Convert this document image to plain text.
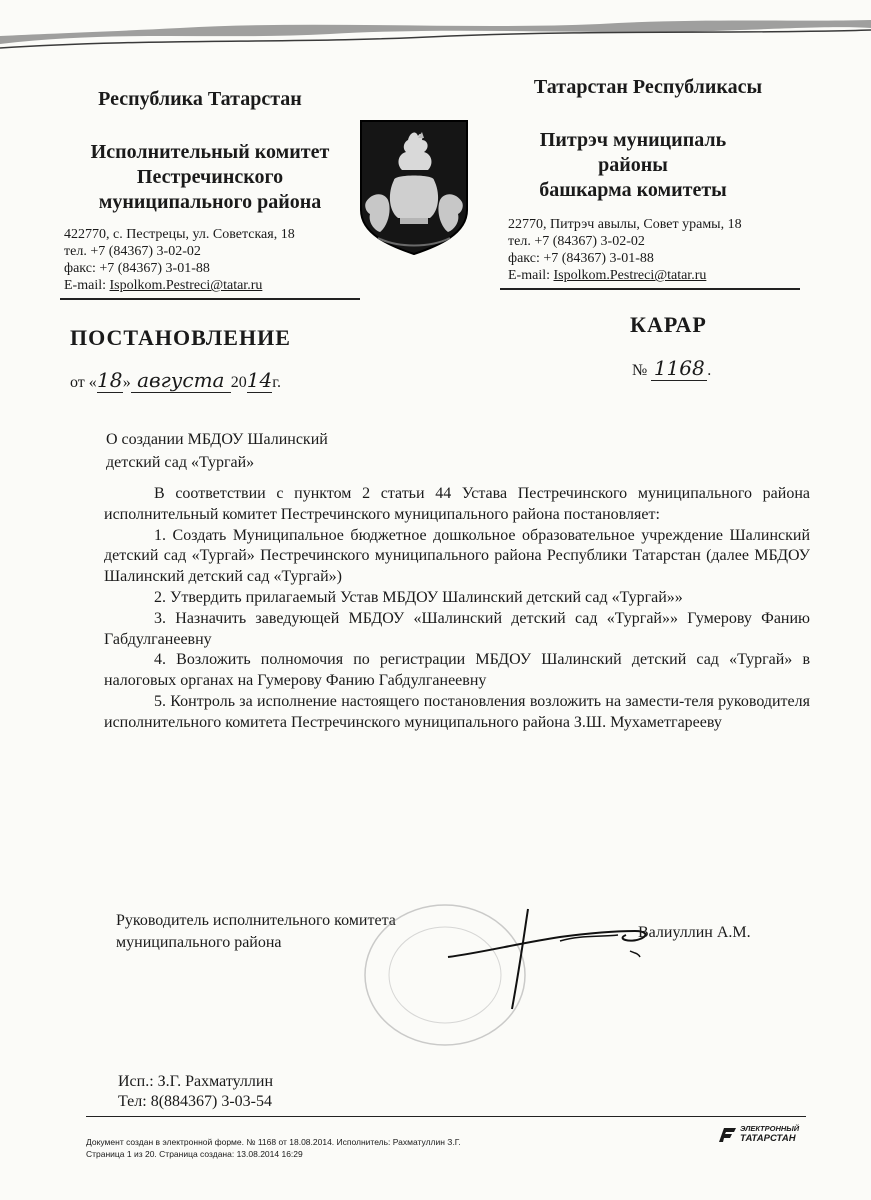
Республика Татарстан
Исполнительный комитет
Пестречинского
муниципального района
422770, с. Пестрецы, ул. Советская, 18
тел. +7 (84367) 3-02-02
факс: +7 (84367) 3-01-88
E-mail: Ispolkom.Pestreci@tatar.ru
Татарстан Республикасы
Питрэч муниципаль
районы
башкарма комитеты
22770, Питрэч авылы, Совет урамы, 18
тел. +7 (84367) 3-02-02
факс: +7 (84367) 3-01-88
E-mail: Ispolkom.Pestreci@tatar.ru
ПОСТАНОВЛЕНИЕ
КАРАР
от «18» августа 2014г.
№ 1168 .
О создании МБДОУ Шалинский
детский сад «Тургай»

В соответствии с пунктом 2 статьи 44 Устава Пестречинского муниципального района исполнительный комитет Пестречинского муниципального района постановляет:

1. Создать Муниципальное бюджетное дошкольное образовательное учреждение Шалинский детский сад «Тургай» Пестречинского муниципального района Республики Татарстан (далее МБДОУ Шалинский детский сад «Тургай»)

2. Утвердить прилагаемый Устав МБДОУ Шалинский детский сад «Тургай»»

3. Назначить заведующей МБДОУ «Шалинский детский сад «Тургай»» Гумерову Фанию Габдулганеевну

4. Возложить полномочия по регистрации МБДОУ Шалинский детский сад «Тургай» в налоговых органах на Гумерову Фанию Габдулганеевну

5. Контроль за исполнение настоящего постановления возложить на замести-теля руководителя исполнительного комитета Пестречинского муниципального района З.Ш. Мухаметгарееву

Руководитель исполнительного комитета
муниципального района
Валиуллин А.М.
Исп.: З.Г. Рахматуллин
Тел: 8(884367) 3-03-54
Документ создан в электронной форме. № 1168 от 18.08.2014. Исполнитель: Рахматуллин З.Г.
Страница 1 из 20. Страница создана: 13.08.2014 16:29
ЭЛЕКТРОННЫЙ
ТАТАРСТАН
